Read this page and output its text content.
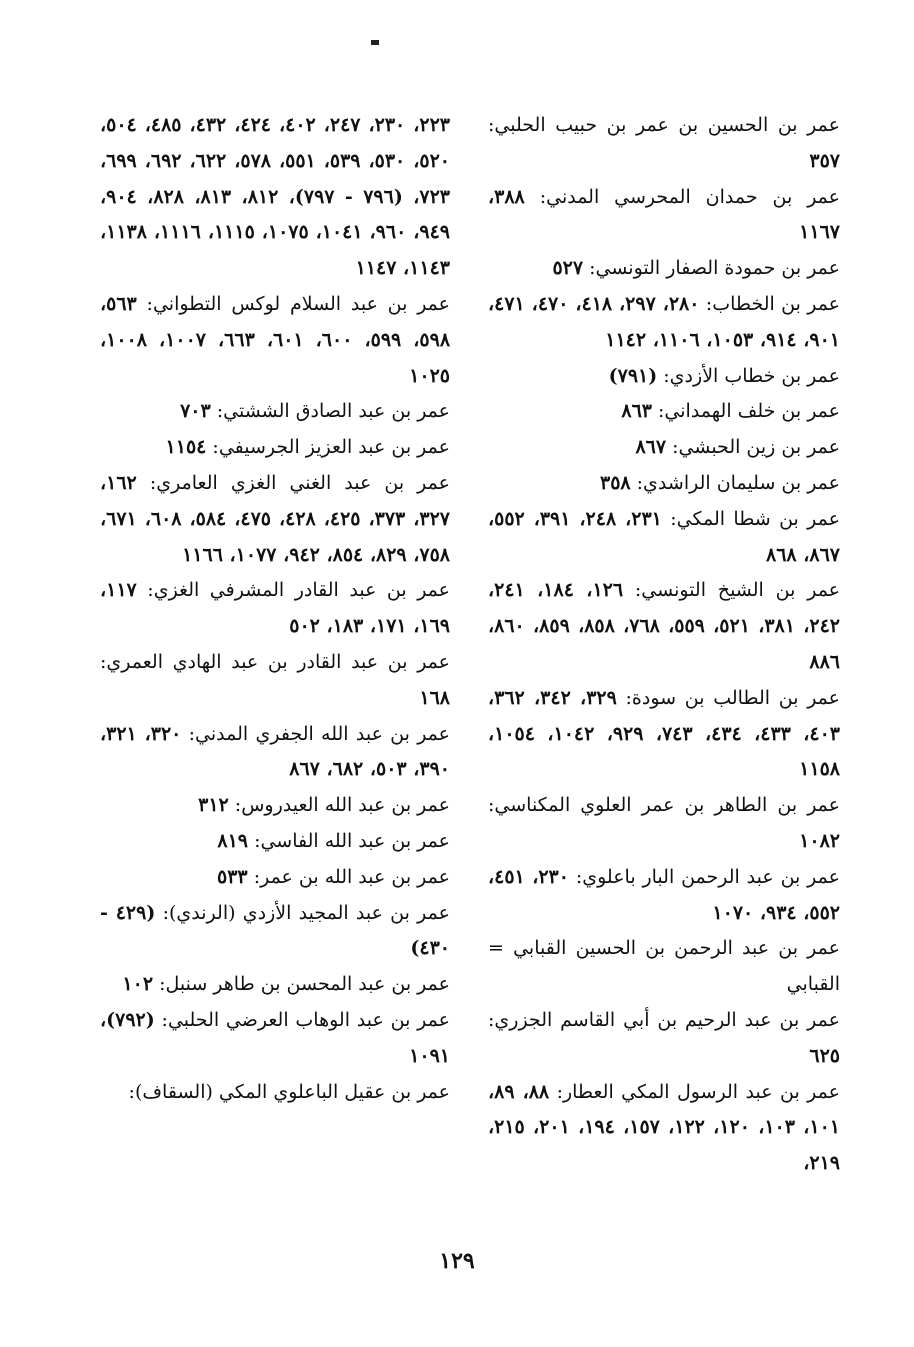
عمر بن الحسين بن عمر بن حبيب الحلبي: ٣٥٧

عمر بن حمدان المحرسي المدني: ٣٨٨، ١١٦٧

عمر بن حمودة الصفار التونسي: ٥٢٧

عمر بن الخطاب: ٢٨٠، ٢٩٧، ٤١٨، ٤٧٠، ٤٧١، ٩٠١، ٩١٤، ١٠٥٣، ١١٠٦، ١١٤٢

عمر بن خطاب الأزدي: (٧٩١)

عمر بن خلف الهمداني: ٨٦٣

عمر بن زين الحبشي: ٨٦٧

عمر بن سليمان الراشدي: ٣٥٨

عمر بن شطا المكي: ٢٣١، ٢٤٨، ٣٩١، ٥٥٢، ٨٦٧، ٨٦٨

عمر بن الشيخ التونسي: ١٢٦، ١٨٤، ٢٤١، ٢٤٢، ٣٨١، ٥٢١، ٥٥٩، ٧٦٨، ٨٥٨، ٨٥٩، ٨٦٠، ٨٨٦

عمر بن الطالب بن سودة: ٣٢٩، ٣٤٢، ٣٦٢، ٤٠٣، ٤٣٣، ٤٣٤، ٧٤٣، ٩٢٩، ١٠٤٢، ١٠٥٤، ١١٥٨

عمر بن الطاهر بن عمر العلوي المكناسي: ١٠٨٢

عمر بن عبد الرحمن البار باعلوي: ٢٣٠، ٤٥١، ٥٥٢، ٩٣٤، ١٠٧٠

عمر بن عبد الرحمن بن الحسين القبابي = القبابي

عمر بن عبد الرحيم بن أبي القاسم الجزري: ٦٢٥

عمر بن عبد الرسول المكي العطار: ٨٨، ٨٩، ١٠١، ١٠٣، ١٢٠، ١٢٢، ١٥٧، ١٩٤، ٢٠١، ٢١٥، ٢١٩،

٢٢٣، ٢٣٠، ٢٤٧، ٤٠٢، ٤٢٤، ٤٣٢، ٤٨٥، ٥٠٤، ٥٢٠، ٥٣٠، ٥٣٩، ٥٥١، ٥٧٨، ٦٢٢، ٦٩٢، ٦٩٩، ٧٢٣، (٧٩٦ - ٧٩٧)، ٨١٢، ٨١٣، ٨٢٨، ٩٠٤، ٩٤٩، ٩٦٠، ١٠٤١، ١٠٧٥، ١١١٥، ١١١٦، ١١٣٨، ١١٤٣، ١١٤٧

عمر بن عبد السلام لوكس التطواني: ٥٦٣، ٥٩٨، ٥٩٩، ٦٠٠، ٦٠١، ٦٦٣، ١٠٠٧، ١٠٠٨، ١٠٢٥

عمر بن عبد الصادق الششتي: ٧٠٣

عمر بن عبد العزيز الجرسيفي: ١١٥٤

عمر بن عبد الغني الغزي العامري: ١٦٢، ٣٢٧، ٣٧٣، ٤٢٥، ٤٢٨، ٤٧٥، ٥٨٤، ٦٠٨، ٦٧١، ٧٥٨، ٨٢٩، ٨٥٤، ٩٤٢، ١٠٧٧، ١١٦٦

عمر بن عبد القادر المشرفي الغزي: ١١٧، ١٦٩، ١٧١، ١٨٣، ٥٠٢

عمر بن عبد القادر بن عبد الهادي العمري: ١٦٨

عمر بن عبد الله الجفري المدني: ٣٢٠، ٣٢١، ٣٩٠، ٥٠٣، ٦٨٢، ٨٦٧

عمر بن عبد الله العيدروس: ٣١٢

عمر بن عبد الله الفاسي: ٨١٩

عمر بن عبد الله بن عمر: ٥٣٣

عمر بن عبد المجيد الأزدي (الرندي): (٤٢٩ - ٤٣٠)

عمر بن عبد المحسن بن طاهر سنبل: ١٠٢

عمر بن عبد الوهاب العرضي الحلبي: (٧٩٢)، ١٠٩١

عمر بن عقيل الباعلوي المكي (السقاف):

١٢٩
